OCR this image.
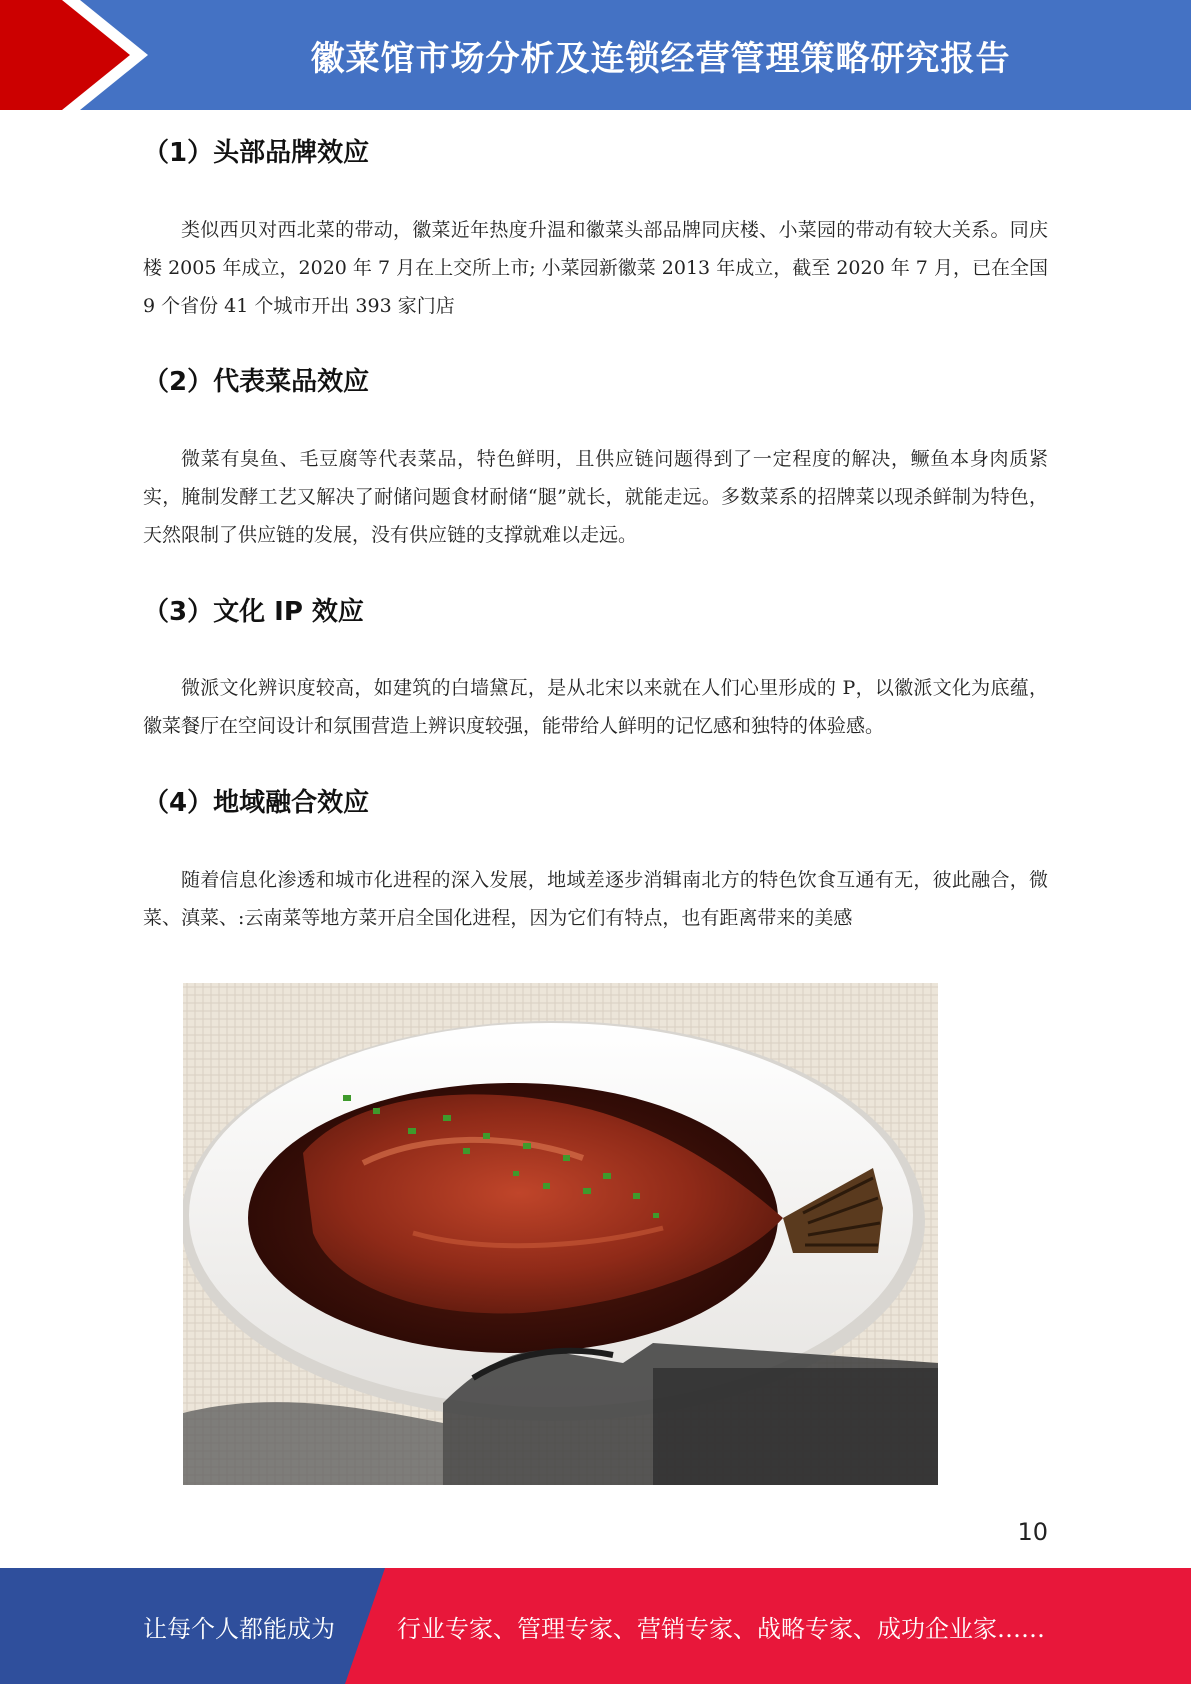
徽菜馆市场分析及连锁经营管理策略研究报告
（1）头部品牌效应

类似西贝对西北菜的带动，徽菜近年热度升温和徽菜头部品牌同庆楼、小菜园的带动有较大关系。同庆楼 2005 年成立，2020 年 7 月在上交所上市; 小菜园新徽菜 2013 年成立，截至 2020 年 7 月，已在全国 9 个省份 41 个城市开出 393 家门店

（2）代表菜品效应

微菜有臭鱼、毛豆腐等代表菜品，特色鲜明，且供应链问题得到了一定程度的解决，鳜鱼本身肉质紧实，腌制发酵工艺又解决了耐储问题食材耐储“腿”就长，就能走远。多数菜系的招牌菜以现杀鲜制为特色，天然限制了供应链的发展，没有供应链的支撑就难以走远。

（3）文化 IP 效应

微派文化辨识度较高，如建筑的白墙黛瓦，是从北宋以来就在人们心里形成的 P，以徽派文化为底蕴，徽菜餐厅在空间设计和氛围营造上辨识度较强，能带给人鲜明的记忆感和独特的体验感。

（4）地域融合效应

随着信息化渗透和城市化进程的深入发展，地域差逐步消辑南北方的特色饮食互通有无，彼此融合，微菜、滇菜、:云南菜等地方菜开启全国化进程，因为它们有特点，也有距离带来的美感

10
让每个人都能成为	行业专家、管理专家、营销专家、战略专家、成功企业家……
